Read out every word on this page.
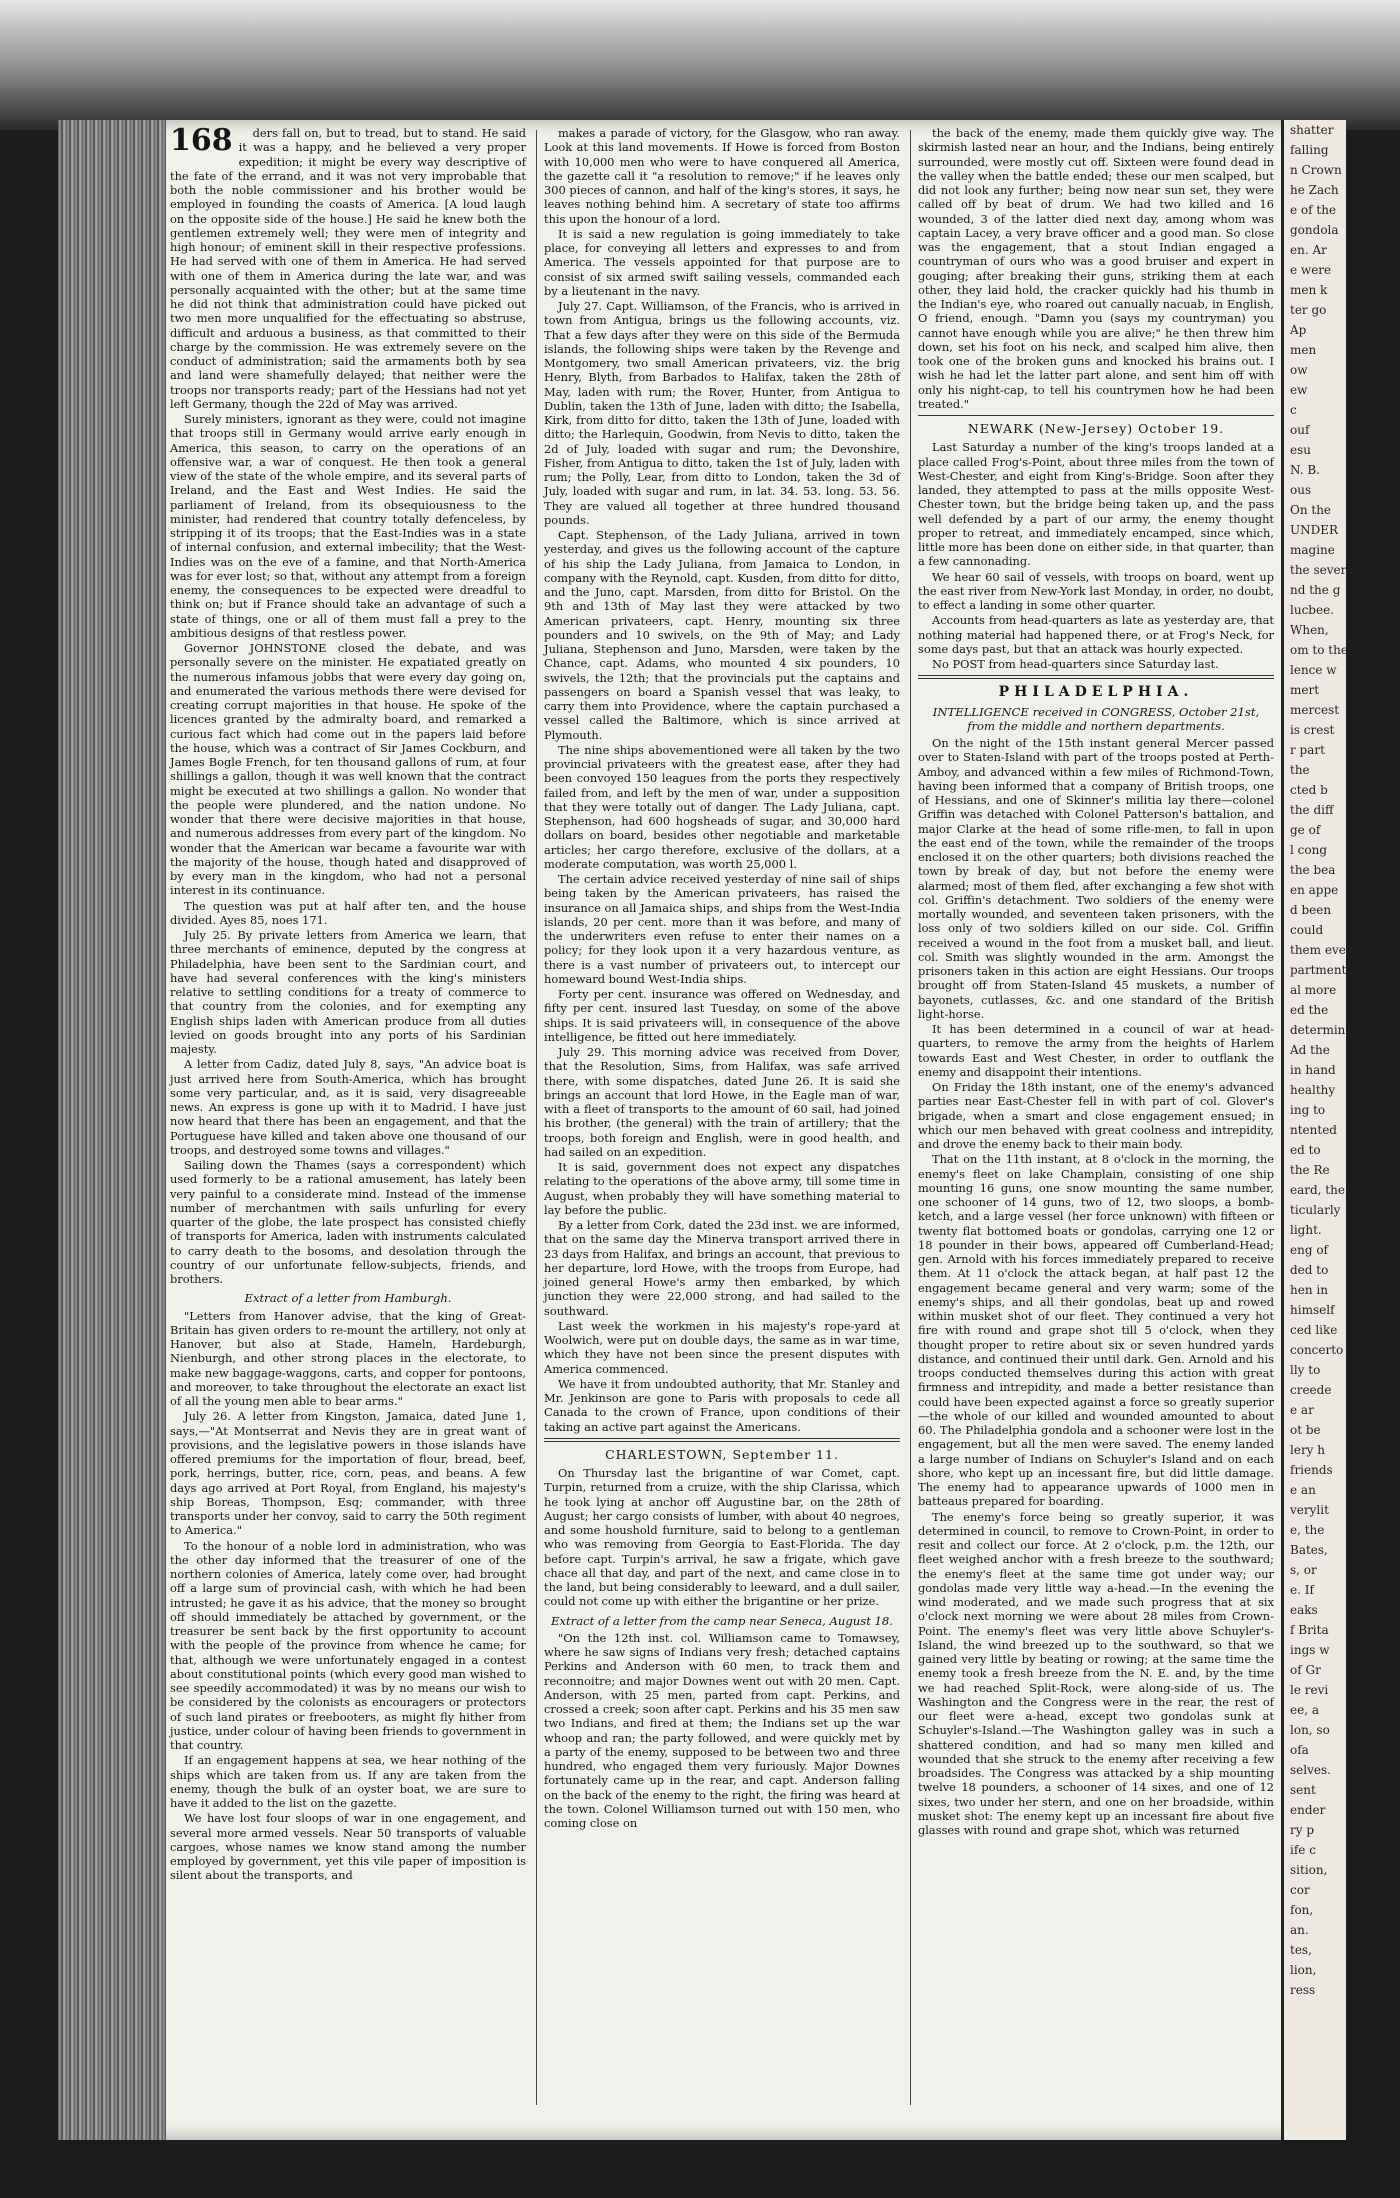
168	ders fall on, but to tread, but to stand. He said it was a happy, and he believed a very proper expedition; it might be every way descriptive of the fate of the errand, and it was not very improbable that both the noble commissioner and his brother would be employed in founding the coasts of America. [A loud laugh on the opposite side of the house.] He said he knew both the gentlemen extremely well; they were men of integrity and high honour; of eminent skill in their respective professions. He had served with one of them in America. He had served with one of them in America during the late war, and was personally acquainted with the other; but at the same time he did not think that administration could have picked out two men more unqualified for the effectuating so abstruse, difficult and arduous a business, as that committed to their charge by the commission. He was extremely severe on the conduct of administration; said the armaments both by sea and land were shamefully delayed; that neither were the troops nor transports ready; part of the Hessians had not yet left Germany, though the 22d of May was arrived.

Surely ministers, ignorant as they were, could not imagine that troops still in Germany would arrive early enough in America, this season, to carry on the operations of an offensive war, a war of conquest. He then took a general view of the state of the whole empire, and its several parts of Ireland, and the East and West Indies. He said the parliament of Ireland, from its obsequiousness to the minister, had rendered that country totally defenceless, by stripping it of its troops; that the East-Indies was in a state of internal confusion, and external imbecility; that the West-Indies was on the eve of a famine, and that North-America was for ever lost; so that, without any attempt from a foreign enemy, the consequences to be expected were dreadful to think on; but if France should take an advantage of such a state of things, one or all of them must fall a prey to the ambitious designs of that restless power.

Governor JOHNSTONE closed the debate, and was personally severe on the minister. He expatiated greatly on the numerous infamous jobbs that were every day going on, and enumerated the various methods there were devised for creating corrupt majorities in that house. He spoke of the licences granted by the admiralty board, and remarked a curious fact which had come out in the papers laid before the house, which was a contract of Sir James Cockburn, and James Bogle French, for ten thousand gallons of rum, at four shillings a gallon, though it was well known that the contract might be executed at two shillings a gallon. No wonder that the people were plundered, and the nation undone. No wonder that there were decisive majorities in that house, and numerous addresses from every part of the kingdom. No wonder that the American war became a favourite war with the majority of the house, though hated and disapproved of by every man in the kingdom, who had not a personal interest in its continuance.

The question was put at half after ten, and the house divided. Ayes 85, noes 171.

July 25. By private letters from America we learn, that three merchants of eminence, deputed by the congress at Philadelphia, have been sent to the Sardinian court, and have had several conferences with the king's ministers relative to settling conditions for a treaty of commerce to that country from the colonies, and for exempting any English ships laden with American produce from all duties levied on goods brought into any ports of his Sardinian majesty.

A letter from Cadiz, dated July 8, says, "An advice boat is just arrived here from South-America, which has brought some very particular, and, as it is said, very disagreeable news. An express is gone up with it to Madrid. I have just now heard that there has been an engagement, and that the Portuguese have killed and taken above one thousand of our troops, and destroyed some towns and villages."

Sailing down the Thames (says a correspondent) which used formerly to be a rational amusement, has lately been very painful to a considerate mind. Instead of the immense number of merchantmen with sails unfurling for every quarter of the globe, the late prospect has consisted chiefly of transports for America, laden with instruments calculated to carry death to the bosoms, and desolation through the country of our unfortunate fellow-subjects, friends, and brothers.

Extract of a letter from Hamburgh.

"Letters from Hanover advise, that the king of Great-Britain has given orders to re-mount the artillery, not only at Hanover, but also at Stade, Hameln, Hardeburgh, Nienburgh, and other strong places in the electorate, to make new baggage-waggons, carts, and copper for pontoons, and moreover, to take throughout the electorate an exact list of all the young men able to bear arms."

July 26. A letter from Kingston, Jamaica, dated June 1, says,—"At Montserrat and Nevis they are in great want of provisions, and the legislative powers in those islands have offered premiums for the importation of flour, bread, beef, pork, herrings, butter, rice, corn, peas, and beans. A few days ago arrived at Port Royal, from England, his majesty's ship Boreas, Thompson, Esq; commander, with three transports under her convoy, said to carry the 50th regiment to America."

To the honour of a noble lord in administration, who was the other day informed that the treasurer of one of the northern colonies of America, lately come over, had brought off a large sum of provincial cash, with which he had been intrusted; he gave it as his advice, that the money so brought off should immediately be attached by government, or the treasurer be sent back by the first opportunity to account with the people of the province from whence he came; for that, although we were unfortunately engaged in a contest about constitutional points (which every good man wished to see speedily accommodated) it was by no means our wish to be considered by the colonists as encouragers or protectors of such land pirates or freebooters, as might fly hither from justice, under colour of having been friends to government in that country.

If an engagement happens at sea, we hear nothing of the ships which are taken from us. If any are taken from the enemy, though the bulk of an oyster boat, we are sure to have it added to the list on the gazette.

We have lost four sloops of war in one engagement, and several more armed vessels. Near 50 transports of valuable cargoes, whose names we know stand among the number employed by government, yet this vile paper of imposition is silent about the transports, and

makes a parade of victory, for the Glasgow, who ran away. Look at this land movements. If Howe is forced from Boston with 10,000 men who were to have conquered all America, the gazette call it "a resolution to remove;" if he leaves only 300 pieces of cannon, and half of the king's stores, it says, he leaves nothing behind him. A secretary of state too affirms this upon the honour of a lord.

It is said a new regulation is going immediately to take place, for conveying all letters and expresses to and from America. The vessels appointed for that purpose are to consist of six armed swift sailing vessels, commanded each by a lieutenant in the navy.

July 27. Capt. Williamson, of the Francis, who is arrived in town from Antigua, brings us the following accounts, viz. That a few days after they were on this side of the Bermuda islands, the following ships were taken by the Revenge and Montgomery, two small American privateers, viz. the brig Henry, Blyth, from Barbados to Halifax, taken the 28th of May, laden with rum; the Rover, Hunter, from Antigua to Dublin, taken the 13th of June, laden with ditto; the Isabella, Kirk, from ditto for ditto, taken the 13th of June, loaded with ditto; the Harlequin, Goodwin, from Nevis to ditto, taken the 2d of July, loaded with sugar and rum; the Devonshire, Fisher, from Antigua to ditto, taken the 1st of July, laden with rum; the Polly, Lear, from ditto to London, taken the 3d of July, loaded with sugar and rum, in lat. 34. 53. long. 53. 56. They are valued all together at three hundred thousand pounds.

Capt. Stephenson, of the Lady Juliana, arrived in town yesterday, and gives us the following account of the capture of his ship the Lady Juliana, from Jamaica to London, in company with the Reynold, capt. Kusden, from ditto for ditto, and the Juno, capt. Marsden, from ditto for Bristol. On the 9th and 13th of May last they were attacked by two American privateers, capt. Henry, mounting six three pounders and 10 swivels, on the 9th of May; and Lady Juliana, Stephenson and Juno, Marsden, were taken by the Chance, capt. Adams, who mounted 4 six pounders, 10 swivels, the 12th; that the provincials put the captains and passengers on board a Spanish vessel that was leaky, to carry them into Providence, where the captain purchased a vessel called the Baltimore, which is since arrived at Plymouth.

The nine ships abovementioned were all taken by the two provincial privateers with the greatest ease, after they had been convoyed 150 leagues from the ports they respectively failed from, and left by the men of war, under a supposition that they were totally out of danger. The Lady Juliana, capt. Stephenson, had 600 hogsheads of sugar, and 30,000 hard dollars on board, besides other negotiable and marketable articles; her cargo therefore, exclusive of the dollars, at a moderate computation, was worth 25,000 l.

The certain advice received yesterday of nine sail of ships being taken by the American privateers, has raised the insurance on all Jamaica ships, and ships from the West-India islands, 20 per cent. more than it was before, and many of the underwriters even refuse to enter their names on a policy; for they look upon it a very hazardous venture, as there is a vast number of privateers out, to intercept our homeward bound West-India ships.

Forty per cent. insurance was offered on Wednesday, and fifty per cent. insured last Tuesday, on some of the above ships. It is said privateers will, in consequence of the above intelligence, be fitted out here immediately.

July 29. This morning advice was received from Dover, that the Resolution, Sims, from Halifax, was safe arrived there, with some dispatches, dated June 26. It is said she brings an account that lord Howe, in the Eagle man of war, with a fleet of transports to the amount of 60 sail, had joined his brother, (the general) with the train of artillery; that the troops, both foreign and English, were in good health, and had sailed on an expedition.

It is said, government does not expect any dispatches relating to the operations of the above army, till some time in August, when probably they will have something material to lay before the public.

By a letter from Cork, dated the 23d inst. we are informed, that on the same day the Minerva transport arrived there in 23 days from Halifax, and brings an account, that previous to her departure, lord Howe, with the troops from Europe, had joined general Howe's army then embarked, by which junction they were 22,000 strong, and had sailed to the southward.

Last week the workmen in his majesty's rope-yard at Woolwich, were put on double days, the same as in war time, which they have not been since the present disputes with America commenced.

We have it from undoubted authority, that Mr. Stanley and Mr. Jenkinson are gone to Paris with proposals to cede all Canada to the crown of France, upon conditions of their taking an active part against the Americans.

CHARLESTOWN, September 11.

On Thursday last the brigantine of war Comet, capt. Turpin, returned from a cruize, with the ship Clarissa, which he took lying at anchor off Augustine bar, on the 28th of August; her cargo consists of lumber, with about 40 negroes, and some houshold furniture, said to belong to a gentleman who was removing from Georgia to East-Florida. The day before capt. Turpin's arrival, he saw a frigate, which gave chace all that day, and part of the next, and came close in to the land, but being considerably to leeward, and a dull sailer, could not come up with either the brigantine or her prize.

Extract of a letter from the camp near Seneca, August 18.

"On the 12th inst. col. Williamson came to Tomawsey, where he saw signs of Indians very fresh; detached captains Perkins and Anderson with 60 men, to track them and reconnoitre; and major Downes went out with 20 men. Capt. Anderson, with 25 men, parted from capt. Perkins, and crossed a creek; soon after capt. Perkins and his 35 men saw two Indians, and fired at them; the Indians set up the war whoop and ran; the party followed, and were quickly met by a party of the enemy, supposed to be between two and three hundred, who engaged them very furiously. Major Downes fortunately came up in the rear, and capt. Anderson falling on the back of the enemy to the right, the firing was heard at the town. Colonel Williamson turned out with 150 men, who coming close on

the back of the enemy, made them quickly give way. The skirmish lasted near an hour, and the Indians, being entirely surrounded, were mostly cut off. Sixteen were found dead in the valley when the battle ended; these our men scalped, but did not look any further; being now near sun set, they were called off by beat of drum. We had two killed and 16 wounded, 3 of the latter died next day, among whom was captain Lacey, a very brave officer and a good man. So close was the engagement, that a stout Indian engaged a countryman of ours who was a good bruiser and expert in gouging; after breaking their guns, striking them at each other, they laid hold, the cracker quickly had his thumb in the Indian's eye, who roared out canually nacuab, in English, O friend, enough. "Damn you (says my countryman) you cannot have enough while you are alive;" he then threw him down, set his foot on his neck, and scalped him alive, then took one of the broken guns and knocked his brains out. I wish he had let the latter part alone, and sent him off with only his night-cap, to tell his countrymen how he had been treated."

NEWARK (New-Jersey) October 19.

Last Saturday a number of the king's troops landed at a place called Frog's-Point, about three miles from the town of West-Chester, and eight from King's-Bridge. Soon after they landed, they attempted to pass at the mills opposite West-Chester town, but the bridge being taken up, and the pass well defended by a part of our army, the enemy thought proper to retreat, and immediately encamped, since which, little more has been done on either side, in that quarter, than a few cannonading.

We hear 60 sail of vessels, with troops on board, went up the east river from New-York last Monday, in order, no doubt, to effect a landing in some other quarter.

Accounts from head-quarters as late as yesterday are, that nothing material had happened there, or at Frog's Neck, for some days past, but that an attack was hourly expected.

No POST from head-quarters since Saturday last.

PHILADELPHIA.
INTELLIGENCE received in CONGRESS, October 21st, from the middle and northern departments.

On the night of the 15th instant general Mercer passed over to Staten-Island with part of the troops posted at Perth-Amboy, and advanced within a few miles of Richmond-Town, having been informed that a company of British troops, one of Hessians, and one of Skinner's militia lay there—colonel Griffin was detached with Colonel Patterson's battalion, and major Clarke at the head of some rifle-men, to fall in upon the east end of the town, while the remainder of the troops enclosed it on the other quarters; both divisions reached the town by break of day, but not before the enemy were alarmed; most of them fled, after exchanging a few shot with col. Griffin's detachment. Two soldiers of the enemy were mortally wounded, and seventeen taken prisoners, with the loss only of two soldiers killed on our side. Col. Griffin received a wound in the foot from a musket ball, and lieut. col. Smith was slightly wounded in the arm. Amongst the prisoners taken in this action are eight Hessians. Our troops brought off from Staten-Island 45 muskets, a number of bayonets, cutlasses, &c. and one standard of the British light-horse.

It has been determined in a council of war at head-quarters, to remove the army from the heights of Harlem towards East and West Chester, in order to outflank the enemy and disappoint their intentions.

On Friday the 18th instant, one of the enemy's advanced parties near East-Chester fell in with part of col. Glover's brigade, when a smart and close engagement ensued; in which our men behaved with great coolness and intrepidity, and drove the enemy back to their main body.

That on the 11th instant, at 8 o'clock in the morning, the enemy's fleet on lake Champlain, consisting of one ship mounting 16 guns, one snow mounting the same number, one schooner of 14 guns, two of 12, two sloops, a bomb-ketch, and a large vessel (her force unknown) with fifteen or twenty flat bottomed boats or gondolas, carrying one 12 or 18 pounder in their bows, appeared off Cumberland-Head; gen. Arnold with his forces immediately prepared to receive them. At 11 o'clock the attack began, at half past 12 the engagement became general and very warm; some of the enemy's ships, and all their gondolas, beat up and rowed within musket shot of our fleet. They continued a very hot fire with round and grape shot till 5 o'clock, when they thought proper to retire about six or seven hundred yards distance, and continued their until dark. Gen. Arnold and his troops conducted themselves during this action with great firmness and intrepidity, and made a better resistance than could have been expected against a force so greatly superior—the whole of our killed and wounded amounted to about 60. The Philadelphia gondola and a schooner were lost in the engagement, but all the men were saved. The enemy landed a large number of Indians on Schuyler's Island and on each shore, who kept up an incessant fire, but did little damage. The enemy had to appearance upwards of 1000 men in batteaus prepared for boarding.

The enemy's force being so greatly superior, it was determined in council, to remove to Crown-Point, in order to resit and collect our force. At 2 o'clock, p.m. the 12th, our fleet weighed anchor with a fresh breeze to the southward; the enemy's fleet at the same time got under way; our gondolas made very little way a-head.—In the evening the wind moderated, and we made such progress that at six o'clock next morning we were about 28 miles from Crown-Point. The enemy's fleet was very little above Schuyler's-Island, the wind breezed up to the southward, so that we gained very little by beating or rowing; at the same time the enemy took a fresh breeze from the N. E. and, by the time we had reached Split-Rock, were along-side of us. The Washington and the Congress were in the rear, the rest of our fleet were a-head, except two gondolas sunk at Schuyler's-Island.—The Washington galley was in such a shattered condition, and had so many men killed and wounded that she struck to the enemy after receiving a few broadsides. The Congress was attacked by a ship mounting twelve 18 pounders, a schooner of 14 sixes, and one of 12 sixes, two under her stern, and one on her broadside, within musket shot: The enemy kept up an incessant fire about five glasses with round and grape shot, which was returned

shatter
falling
n Crown
he Zach
e of the
gondola
en. Ar
e were
men k
ter go
Ap
men
ow
ew
c
ouf
esu
N. B.
ous
On the
UNDER
magine
the severa
nd the g
lucbee.
When,
om to the
lence w
mert
mercest
is crest
r part
the
cted b
the diff
ge of
l cong
the bea
en appe
d been
could
them eve
partment
al more
ed the
determin
Ad the
in hand
healthy
ing to
ntented
ed to
the Re
eard, the
ticularly
light.
eng of
ded to
hen in
himself
ced like
concerto
lly to
creede
e ar
ot be
lery h
friends
e an
verylit
e, the
Bates,
s, or
e. If
eaks
f Brita
ings w
of Gr
le revi
ee, a
lon, so
ofa
selves.
sent
ender
ry p
ife c
sition,
cor
fon,
an.
tes,
lion,
ress
